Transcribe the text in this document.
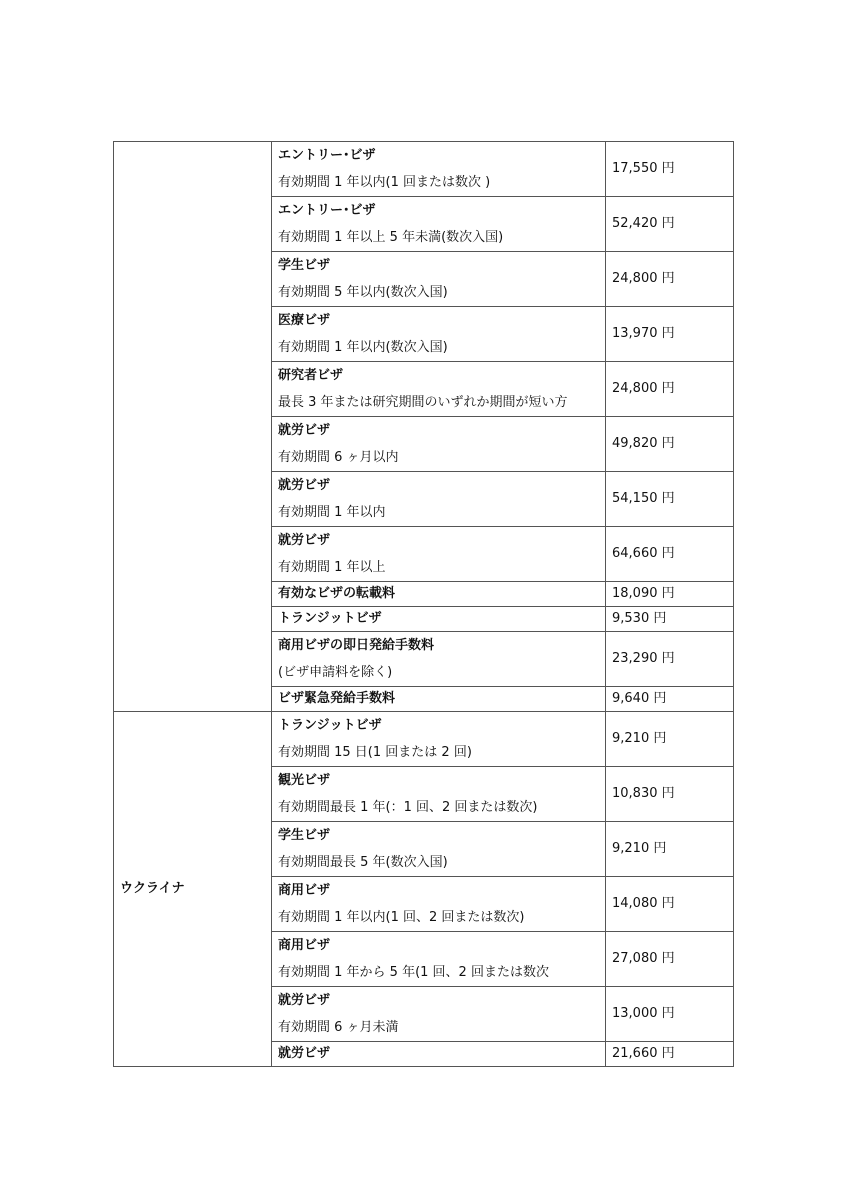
	エントリー･ビザ
有効期間 1 年以内(1 回または数次 )	17,550 円

	エントリー･ビザ
有効期間 1 年以上 5 年未満(数次入国)	52,420 円

	学生ビザ
有効期間 5 年以内(数次入国)	24,800 円

	医療ビザ
有効期間 1 年以内(数次入国)	13,970 円

	研究者ビザ
最長 3 年または研究期間のいずれか期間が短い方	24,800 円

	就労ビザ
有効期間 6 ヶ月以内	49,820 円

	就労ビザ
有効期間 1 年以内	54,150 円

	就労ビザ
有効期間 1 年以上	64,660 円

	有効なビザの転載料	18,090 円

	トランジットビザ	9,530 円

	商用ビザの即日発給手数料
(ビザ申請料を除く)	23,290 円

	ビザ緊急発給手数料	9,640 円
ウクライナ	トランジットビザ
有効期間 15 日(1 回または 2 回)	9,210 円

	観光ビザ
有効期間最長 1 年(：1 回、2 回または数次)	10,830 円

	学生ビザ
有効期間最長 5 年(数次入国)	9,210 円

	商用ビザ
有効期間 1 年以内(1 回、2 回または数次)	14,080 円

	商用ビザ
有効期間 1 年から 5 年(1 回、2 回または数次	27,080 円

	就労ビザ
有効期間 6 ヶ月未満	13,000 円

	就労ビザ	21,660 円
